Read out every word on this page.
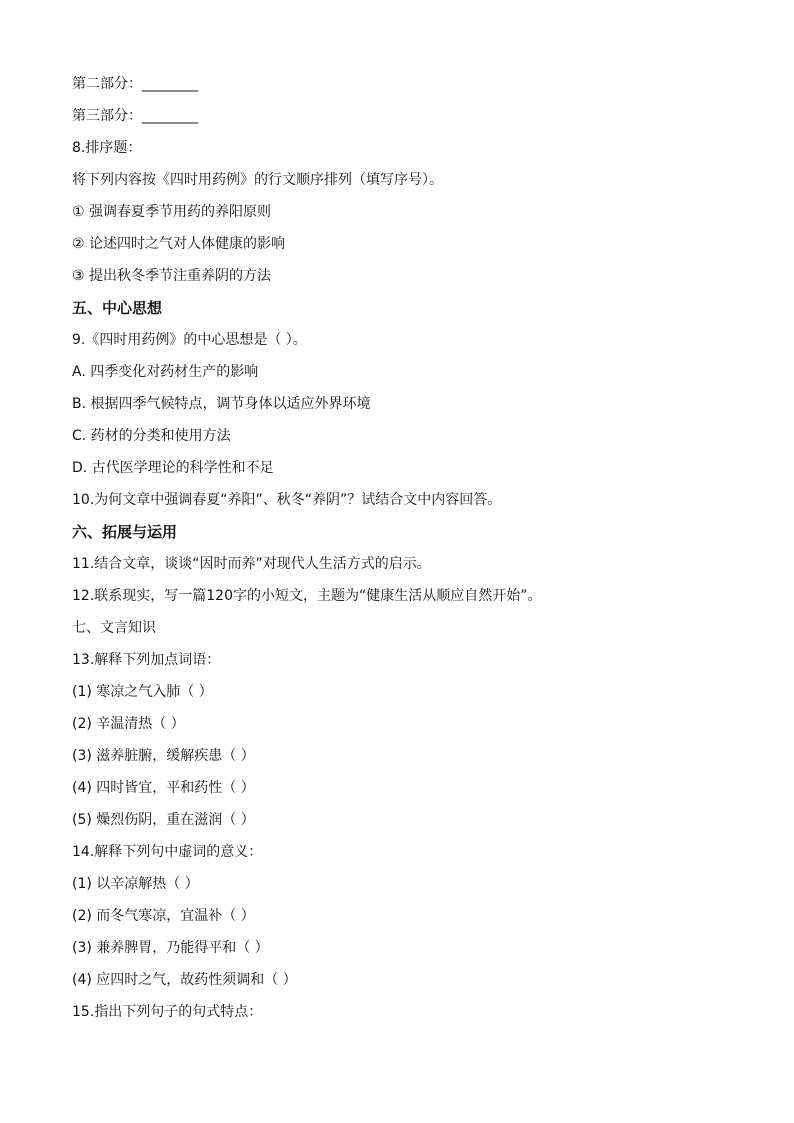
第二部分：________
第三部分：________
8.排序题：
将下列内容按《四时用药例》的行文顺序排列（填写序号）。
① 强调春夏季节用药的养阳原则
② 论述四时之气对人体健康的影响
③ 提出秋冬季节注重养阴的方法
五、中心思想
9.《四时用药例》的中心思想是（ ）。
A. 四季变化对药材生产的影响
B. 根据四季气候特点，调节身体以适应外界环境
C. 药材的分类和使用方法
D. 古代医学理论的科学性和不足
10.为何文章中强调春夏“养阳”、秋冬“养阴”？试结合文中内容回答。
六、拓展与运用
11.结合文章，谈谈“因时而养”对现代人生活方式的启示。
12.联系现实，写一篇120字的小短文，主题为“健康生活从顺应自然开始”。
七、文言知识
13.解释下列加点词语：
(1) 寒凉之气入肺（ ）
(2) 辛温清热（ ）
(3) 滋养脏腑，缓解疾患（ ）
(4) 四时皆宜，平和药性（ ）
(5) 燥烈伤阴，重在滋润（ ）
14.解释下列句中虚词的意义：
(1) 以辛凉解热（ ）
(2) 而冬气寒凉，宜温补（ ）
(3) 兼养脾胃，乃能得平和（ ）
(4) 应四时之气，故药性须调和（ ）
15.指出下列句子的句式特点：
